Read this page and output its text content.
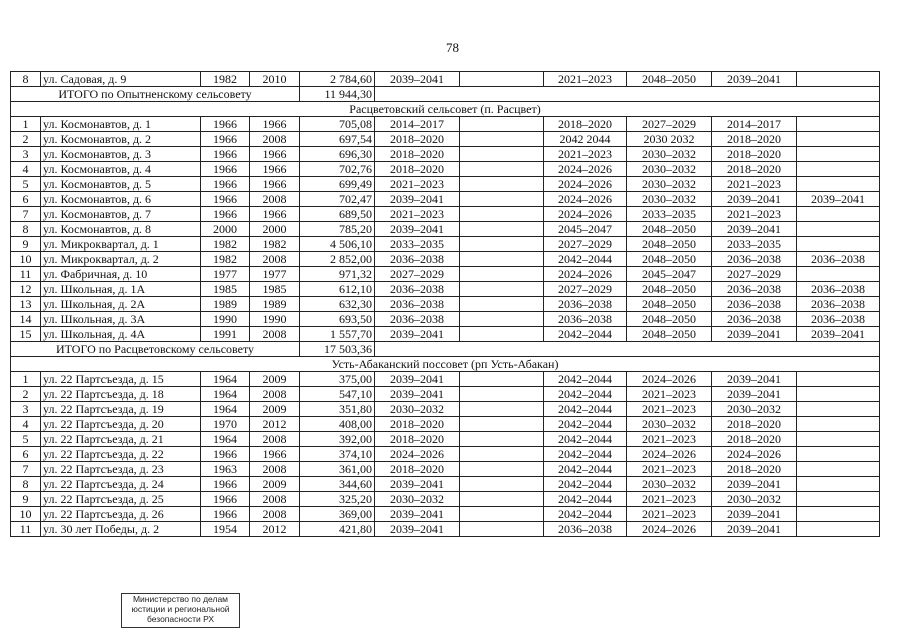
78
8	ул. Садовая, д. 9	1982	2010	2 784,60	2039–2041		2021–2023	2048–2050	2039–2041	
ИТОГО по Опытненскому сельсовету				11 944,30						
Расцветовский сельсовет (п. Расцвет)										
1	ул. Космонавтов, д. 1	1966	1966	705,08	2014–2017		2018–2020	2027–2029	2014–2017	
2	ул. Космонавтов, д. 2	1966	2008	697,54	2018–2020		2042 2044	2030 2032	2018–2020	
3	ул. Космонавтов, д. 3	1966	1966	696,30	2018–2020		2021–2023	2030–2032	2018–2020	
4	ул. Космонавтов, д. 4	1966	1966	702,76	2018–2020		2024–2026	2030–2032	2018–2020	
5	ул. Космонавтов, д. 5	1966	1966	699,49	2021–2023		2024–2026	2030–2032	2021–2023	
6	ул. Космонавтов, д. 6	1966	2008	702,47	2039–2041		2024–2026	2030–2032	2039–2041	2039–2041
7	ул. Космонавтов, д. 7	1966	1966	689,50	2021–2023		2024–2026	2033–2035	2021–2023	
8	ул. Космонавтов, д. 8	2000	2000	785,20	2039–2041		2045–2047	2048–2050	2039–2041	
9	ул. Микроквартал, д. 1	1982	1982	4 506,10	2033–2035		2027–2029	2048–2050	2033–2035	
10	ул. Микроквартал, д. 2	1982	2008	2 852,00	2036–2038		2042–2044	2048–2050	2036–2038	2036–2038
11	ул. Фабричная, д. 10	1977	1977	971,32	2027–2029		2024–2026	2045–2047	2027–2029	
12	ул. Школьная, д. 1А	1985	1985	612,10	2036–2038		2027–2029	2048–2050	2036–2038	2036–2038
13	ул. Школьная, д. 2А	1989	1989	632,30	2036–2038		2036–2038	2048–2050	2036–2038	2036–2038
14	ул. Школьная, д. 3А	1990	1990	693,50	2036–2038		2036–2038	2048–2050	2036–2038	2036–2038
15	ул. Школьная, д. 4А	1991	2008	1 557,70	2039–2041		2042–2044	2048–2050	2039–2041	2039–2041
ИТОГО по Расцветовскому сельсовету				17 503,36						
Усть-Абаканский поссовет (рп Усть-Абакан)										
1	ул. 22 Партсъезда, д. 15	1964	2009	375,00	2039–2041		2042–2044	2024–2026	2039–2041	
2	ул. 22 Партсъезда, д. 18	1964	2008	547,10	2039–2041		2042–2044	2021–2023	2039–2041	
3	ул. 22 Партсъезда, д. 19	1964	2009	351,80	2030–2032		2042–2044	2021–2023	2030–2032	
4	ул. 22 Партсъезда, д. 20	1970	2012	408,00	2018–2020		2042–2044	2030–2032	2018–2020	
5	ул. 22 Партсъезда, д. 21	1964	2008	392,00	2018–2020		2042–2044	2021–2023	2018–2020	
6	ул. 22 Партсъезда, д. 22	1966	1966	374,10	2024–2026		2042–2044	2024–2026	2024–2026	
7	ул. 22 Партсъезда, д. 23	1963	2008	361,00	2018–2020		2042–2044	2021–2023	2018–2020	
8	ул. 22 Партсъезда, д. 24	1966	2009	344,60	2039–2041		2042–2044	2030–2032	2039–2041	
9	ул. 22 Партсъезда, д. 25	1966	2008	325,20	2030–2032		2042–2044	2021–2023	2030–2032	
10	ул. 22 Партсъезда, д. 26	1966	2008	369,00	2039–2041		2042–2044	2021–2023	2039–2041	
11	ул. 30 лет Победы, д. 2	1954	2012	421,80	2039–2041		2036–2038	2024–2026	2039–2041	
Министерство по делам
юстиции и региональной
безопасности РХ
